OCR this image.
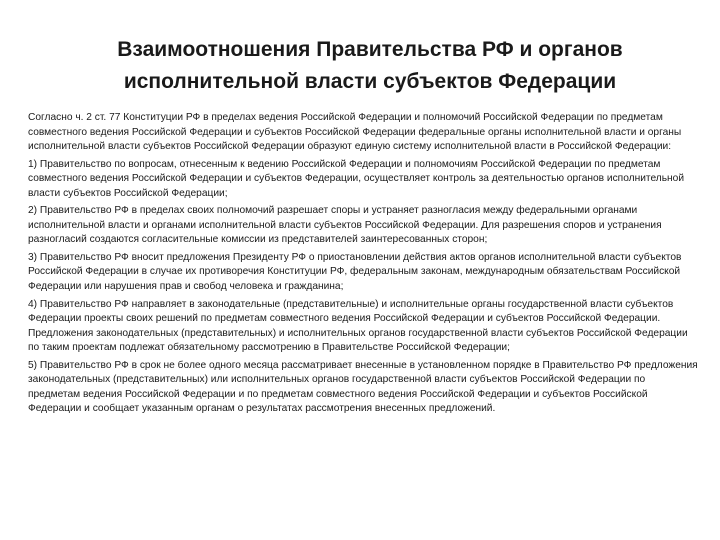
Взаимоотношения Правительства РФ и органов
исполнительной власти субъектов Федерации

Согласно ч. 2 ст. 77 Конституции РФ в пределах ведения Российской Федерации и полномочий Российской Федерации по предметам совместного ведения Российской Федерации и субъектов Российской Федерации федеральные органы исполнительной власти и органы исполнительной власти субъектов Российской Федерации образуют единую систему исполнительной власти в Российской Федерации:

1) Правительство по вопросам, отнесенным к ведению Российской Федерации и полномочиям Российской Федерации по предметам совместного ведения Российской Федерации и субъектов Федерации, осуществляет контроль за деятельностью органов исполнительной власти субъектов Российской Федерации;

2) Правительство РФ в пределах своих полномочий разрешает споры и устраняет разногласия между федеральными органами исполнительной власти и органами исполнительной власти субъектов Российской Федерации. Для разрешения споров и устранения разногласий создаются согласительные комиссии из представителей заинтересованных сторон;

3) Правительство РФ вносит предложения Президенту РФ о приостановлении действия актов органов исполнительной власти субъектов Российской Федерации в случае их противоречия Конституции РФ, федеральным законам, международным обязательствам Российской Федерации или нарушения прав и свобод человека и гражданина;

4) Правительство РФ направляет в законодательные (представительные) и исполнительные органы государственной власти субъектов Федерации проекты своих решений по предметам совместного ведения Российской Федерации и субъектов Российской Федерации. Предложения законодательных (представительных) и исполнительных органов государственной власти субъектов Российской Федерации по таким проектам подлежат обязательному рассмотрению в Правительстве Российской Федерации;

5) Правительство РФ в срок не более одного месяца рассматривает внесенные в установленном порядке в Правительство РФ предложения законодательных (представительных) или исполнительных органов государственной власти субъектов Российской Федерации по предметам ведения Российской Федерации и по предметам совместного ведения Российской Федерации и субъектов Российской Федерации и сообщает указанным органам о результатах рассмотрения внесенных предложений.
